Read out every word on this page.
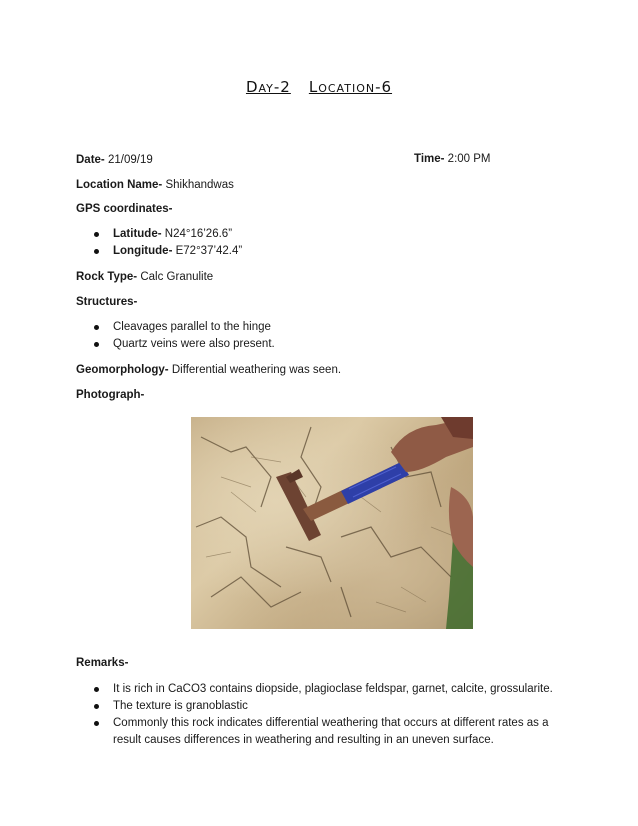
Day-2 Location-6
Date- 21/09/19	Time- 2:00 PM
Location Name- Shikhandwas
GPS coordinates-
Latitude- N24°16’26.6”
Longitude- E72°37’42.4”
Rock Type- Calc Granulite
Structures-
Cleavages parallel to the hinge
Quartz veins were also present.
Geomorphology- Differential weathering was seen.
Photograph-
Remarks-
It is rich in CaCO3 contains diopside, plagioclase feldspar, garnet, calcite, grossularite.
The texture is granoblastic
Commonly this rock indicates differential weathering that occurs at different rates as a result causes differences in weathering and resulting in an uneven surface.
